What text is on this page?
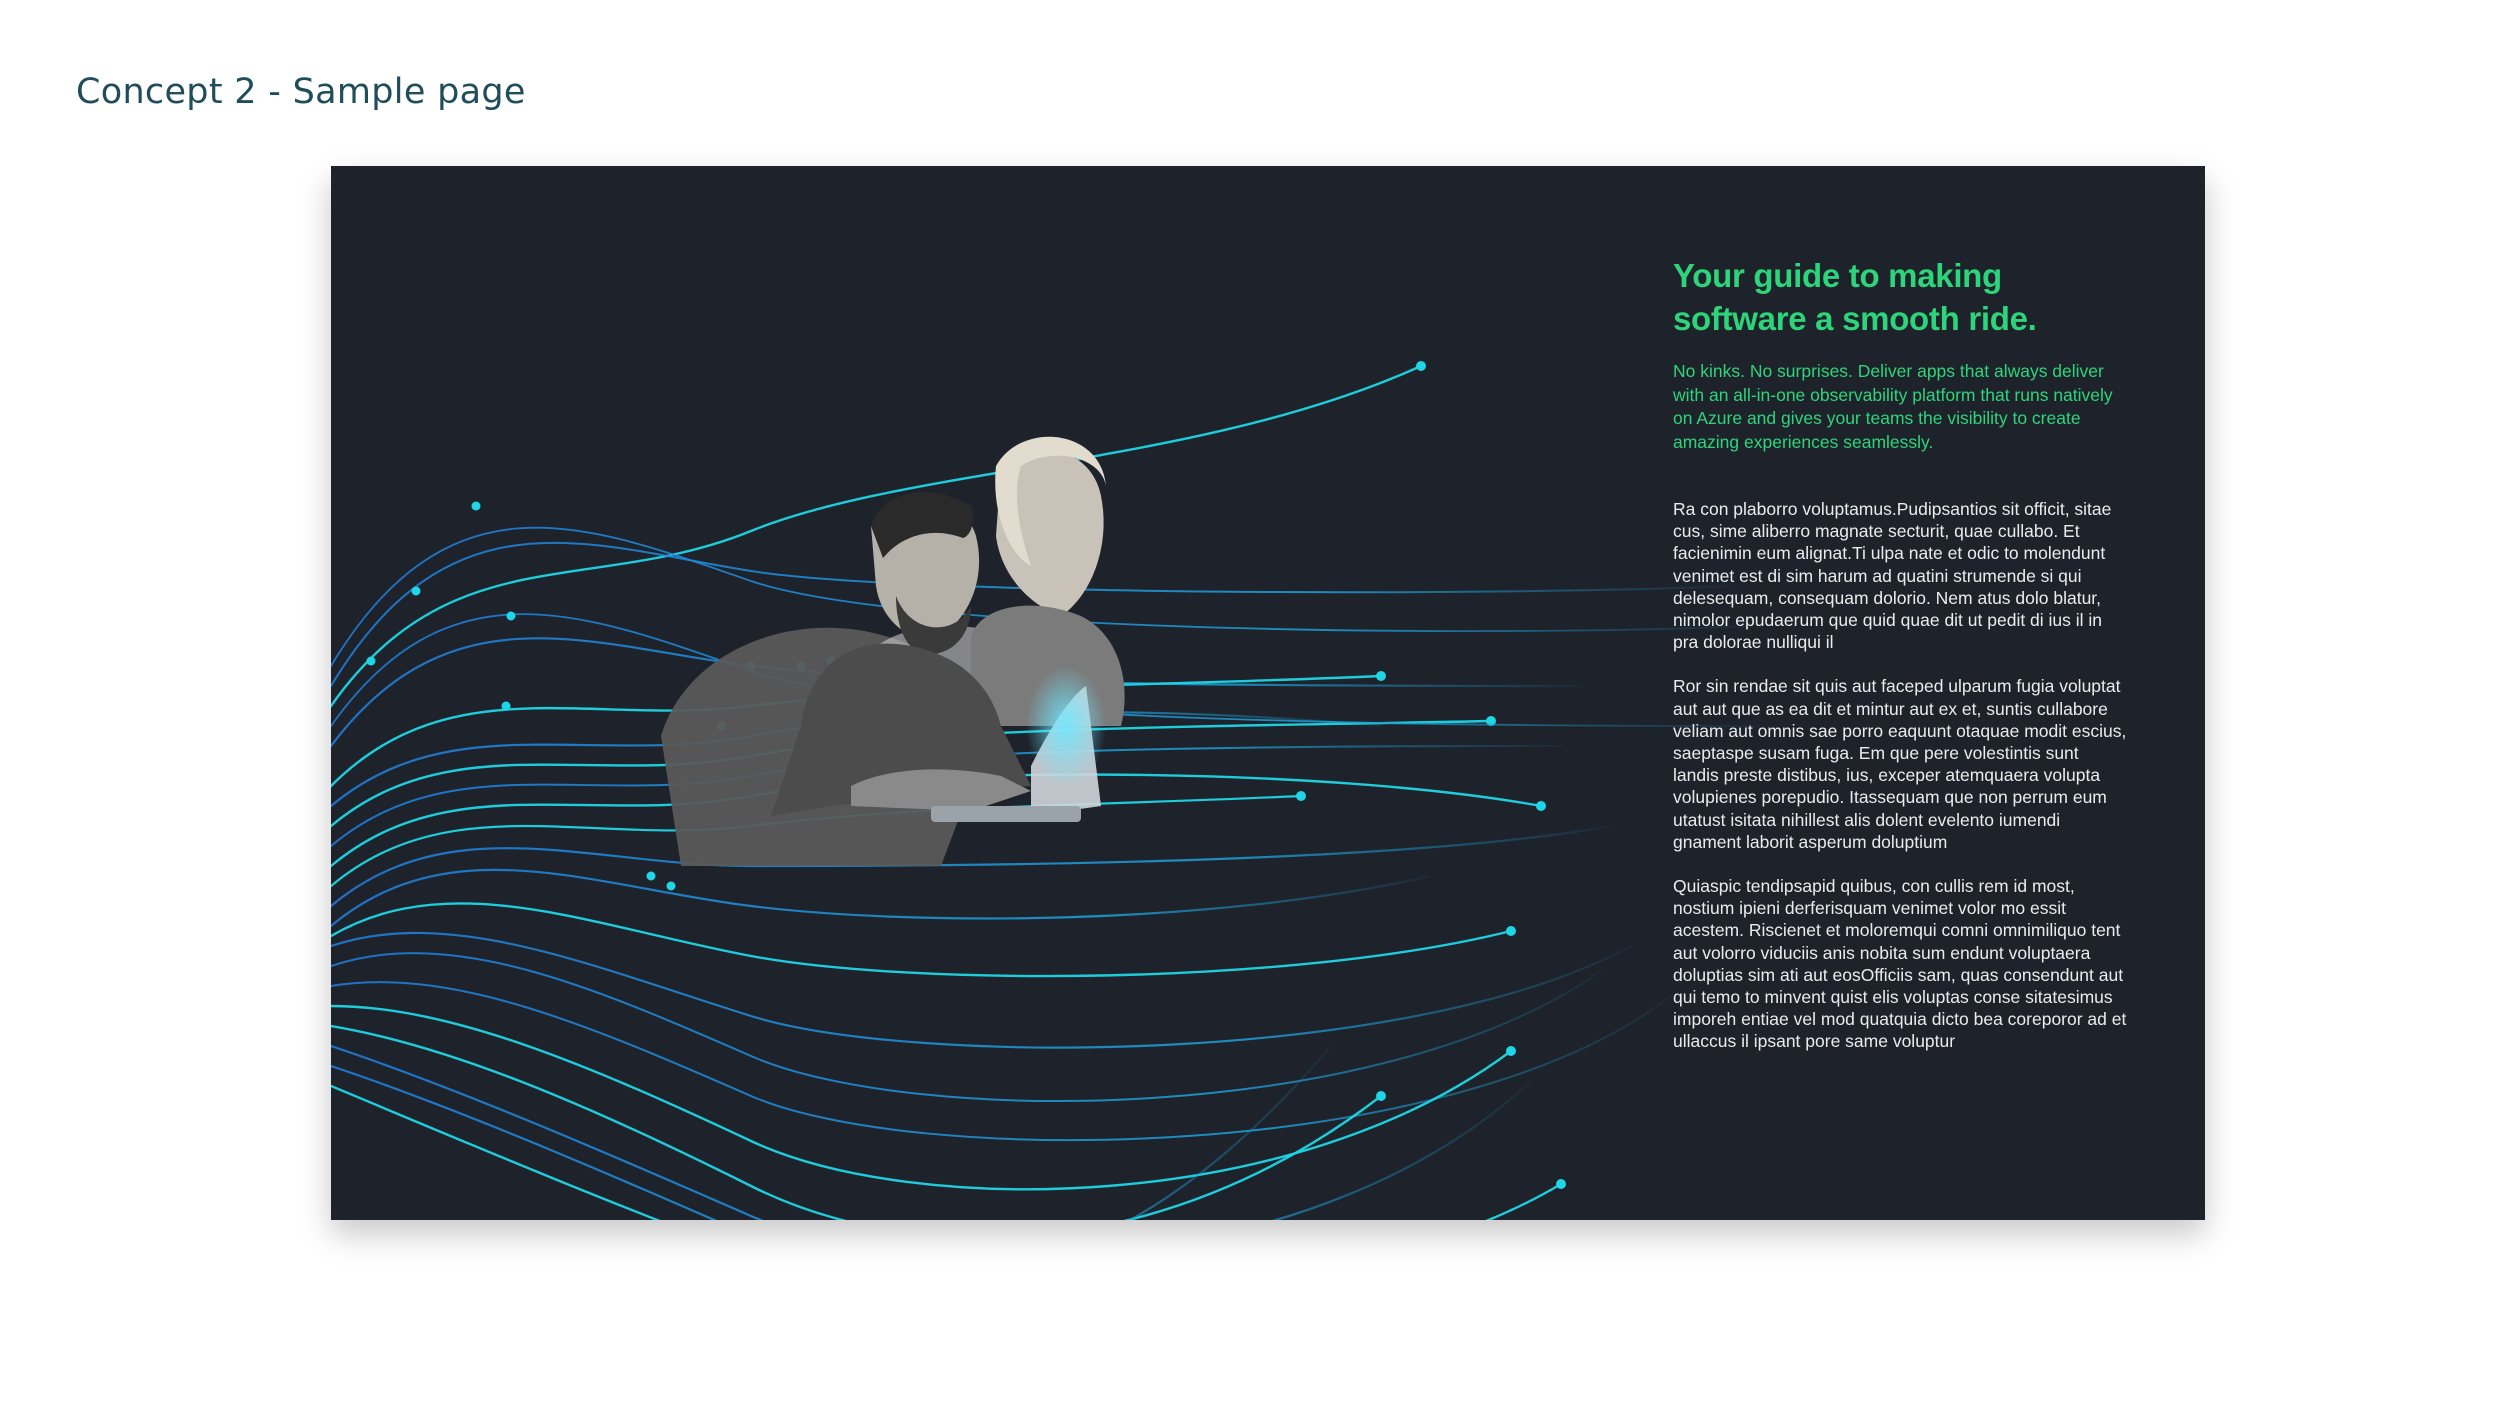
Concept 2 - Sample page
Your guide to making software a smooth ride.

No kinks. No surprises. Deliver apps that always deliver with an all-in-one observability platform that runs natively on Azure and gives your teams the visibility to create amazing experiences seamlessly.

Ra con plaborro voluptamus.Pudipsantios sit officit, sitae cus, sime aliberro magnate secturit, quae cullabo. Et facienimin eum alignat.Ti ulpa nate et odic to molendunt venimet est di sim harum ad quatini strumende si qui delesequam, consequam dolorio. Nem atus dolo blatur, nimolor epudaerum que quid quae dit ut pedit di ius il in pra dolorae nulliqui il

Ror sin rendae sit quis aut faceped ulparum fugia voluptat aut aut que as ea dit et mintur aut ex et, suntis cullabore veliam aut omnis sae porro eaquunt otaquae modit escius, saeptaspe susam fuga. Em que pere volestintis sunt landis preste distibus, ius, exceper atemquaera volupta volupienes porepudio. Itassequam que non perrum eum utatust isitata nihillest alis dolent evelento iumendi gnament laborit asperum doluptium

Quiaspic tendipsapid quibus, con cullis rem id most, nostium ipieni derferisquam venimet volor mo essit acestem. Riscienet et moloremqui comni omnimiliquo tent aut volorro viduciis anis nobita sum endunt voluptaera doluptias sim ati aut eosOfficiis sam, quas consendunt aut qui temo to minvent quist elis voluptas conse sitatesimus imporeh entiae vel mod quatquia dicto bea coreporor ad et ullaccus il ipsant pore same voluptur
